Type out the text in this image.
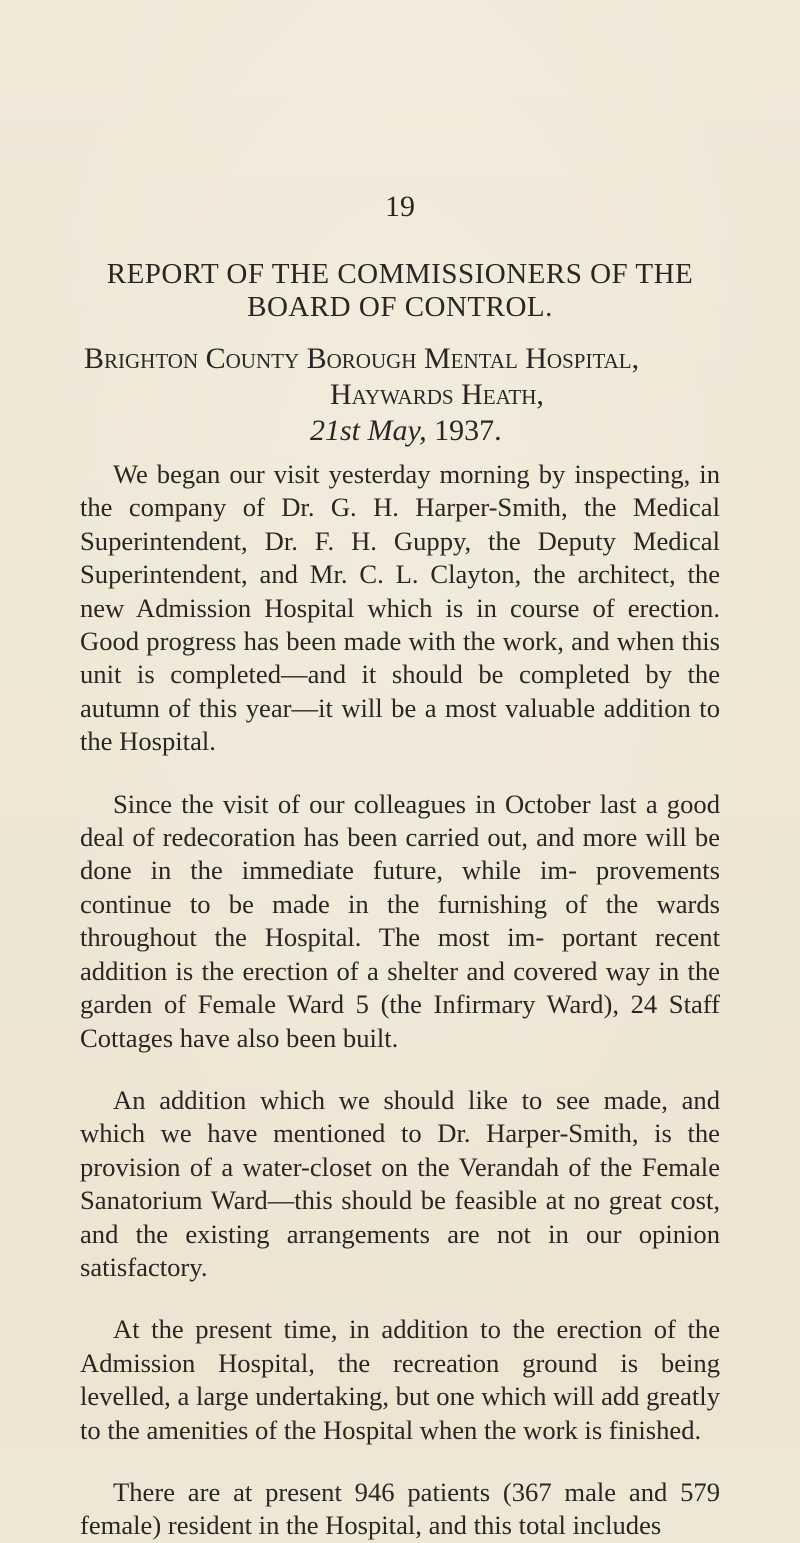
19
REPORT OF THE COMMISSIONERS OF THE
BOARD OF CONTROL.
Brighton County Borough Mental Hospital,
Haywards Heath,
21st May, 1937.

We began our visit yesterday morning by inspecting, in the company of Dr. G. H. Harper-Smith, the Medical Superintendent, Dr. F. H. Guppy, the Deputy Medical Superintendent, and Mr. C. L. Clayton, the architect, the new Admission Hospital which is in course of erection. Good progress has been made with the work, and when this unit is completed—and it should be completed by the autumn of this year—it will be a most valuable addition to the Hospital.

Since the visit of our colleagues in October last a good deal of redecoration has been carried out, and more will be done in the immediate future, while im- provements continue to be made in the furnishing of the wards throughout the Hospital. The most im- portant recent addition is the erection of a shelter and covered way in the garden of Female Ward 5 (the Infirmary Ward), 24 Staff Cottages have also been built.

An addition which we should like to see made, and which we have mentioned to Dr. Harper-Smith, is the provision of a water-closet on the Verandah of the Female Sanatorium Ward—this should be feasible at no great cost, and the existing arrangements are not in our opinion satisfactory.

At the present time, in addition to the erection of the Admission Hospital, the recreation ground is being levelled, a large undertaking, but one which will add greatly to the amenities of the Hospital when the work is finished.

There are at present 946 patients (367 male and 579 female) resident in the Hospital, and this total includes
